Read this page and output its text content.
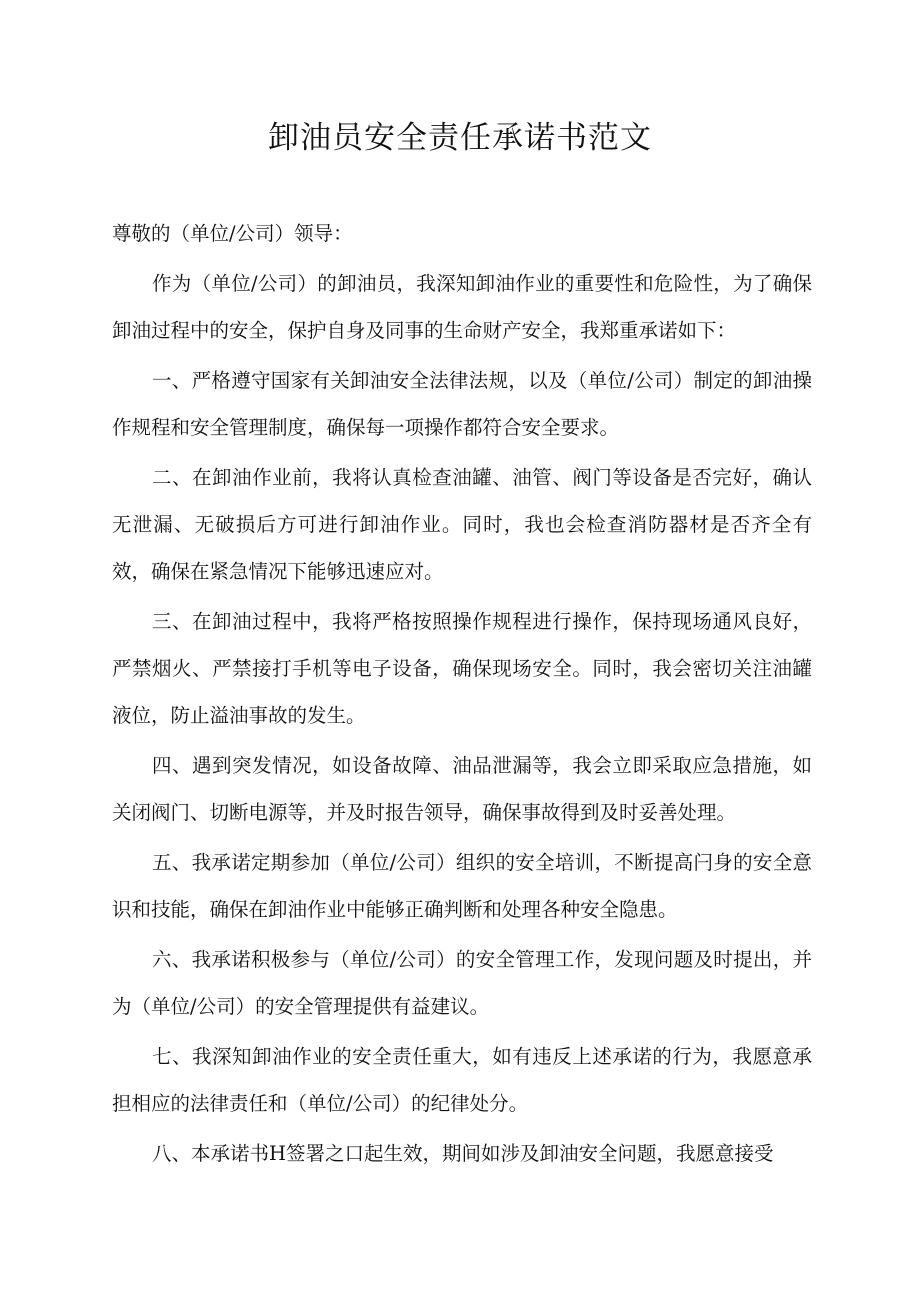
卸油员安全责任承诺书范文

尊敬的（单位/公司）领导：

作为（单位/公司）的卸油员，我深知卸油作业的重要性和危险性，为了确保卸油过程中的安全，保护自身及同事的生命财产安全，我郑重承诺如下：

一、严格遵守国家有关卸油安全法律法规，以及（单位/公司）制定的卸油操作规程和安全管理制度，确保每一项操作都符合安全要求。

二、在卸油作业前，我将认真检查油罐、油管、阀门等设备是否完好，确认无泄漏、无破损后方可进行卸油作业。同时，我也会检查消防器材是否齐全有效，确保在紧急情况下能够迅速应对。

三、在卸油过程中，我将严格按照操作规程进行操作，保持现场通风良好，严禁烟火、严禁接打手机等电子设备，确保现场安全。同时，我会密切关注油罐液位，防止溢油事故的发生。

四、遇到突发情况，如设备故障、油品泄漏等，我会立即采取应急措施，如关闭阀门、切断电源等，并及时报告领导，确保事故得到及时妥善处理。

五、我承诺定期参加（单位/公司）组织的安全培训，不断提高闩身的安全意识和技能，确保在卸油作业中能够正确判断和处理各种安全隐患。

六、我承诺积极参与（单位/公司）的安全管理工作，发现问题及时提出，并为（单位/公司）的安全管理提供有益建议。

七、我深知卸油作业的安全责任重大，如有违反上述承诺的行为，我愿意承担相应的法律责任和（单位/公司）的纪律处分。

八、本承诺书H签署之口起生效，期间如涉及卸油安全问题，我愿意接受
